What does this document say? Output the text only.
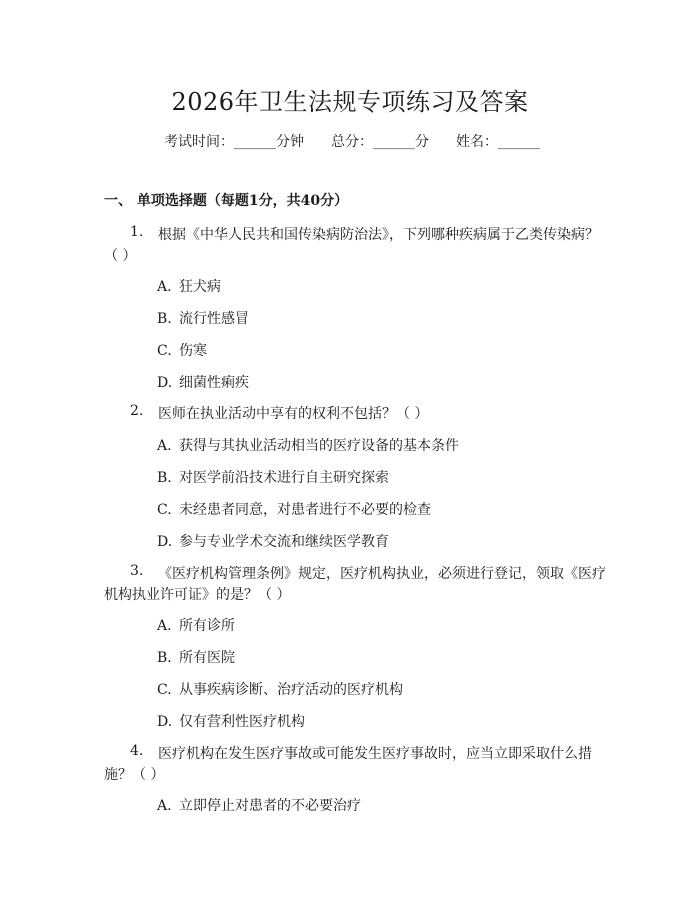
2026年卫生法规专项练习及答案
考试时间：______分钟 总分：______分 姓名：______
一、 单项选择题（每题1分，共40分）
1. 根据《中华人民共和国传染病防治法》，下列哪种疾病属于乙类传染病？
（ ）
A. 狂犬病
B. 流行性感冒
C. 伤寒
D. 细菌性痢疾
2. 医师在执业活动中享有的权利不包括？（ ）
A. 获得与其执业活动相当的医疗设备的基本条件
B. 对医学前沿技术进行自主研究探索
C. 未经患者同意，对患者进行不必要的检查
D. 参与专业学术交流和继续医学教育
3. 《医疗机构管理条例》规定，医疗机构执业，必须进行登记，领取《医疗
机构执业许可证》的是？（ ）
A. 所有诊所
B. 所有医院
C. 从事疾病诊断、治疗活动的医疗机构
D. 仅有营利性医疗机构
4. 医疗机构在发生医疗事故或可能发生医疗事故时，应当立即采取什么措
施？（ ）
A. 立即停止对患者的不必要治疗
